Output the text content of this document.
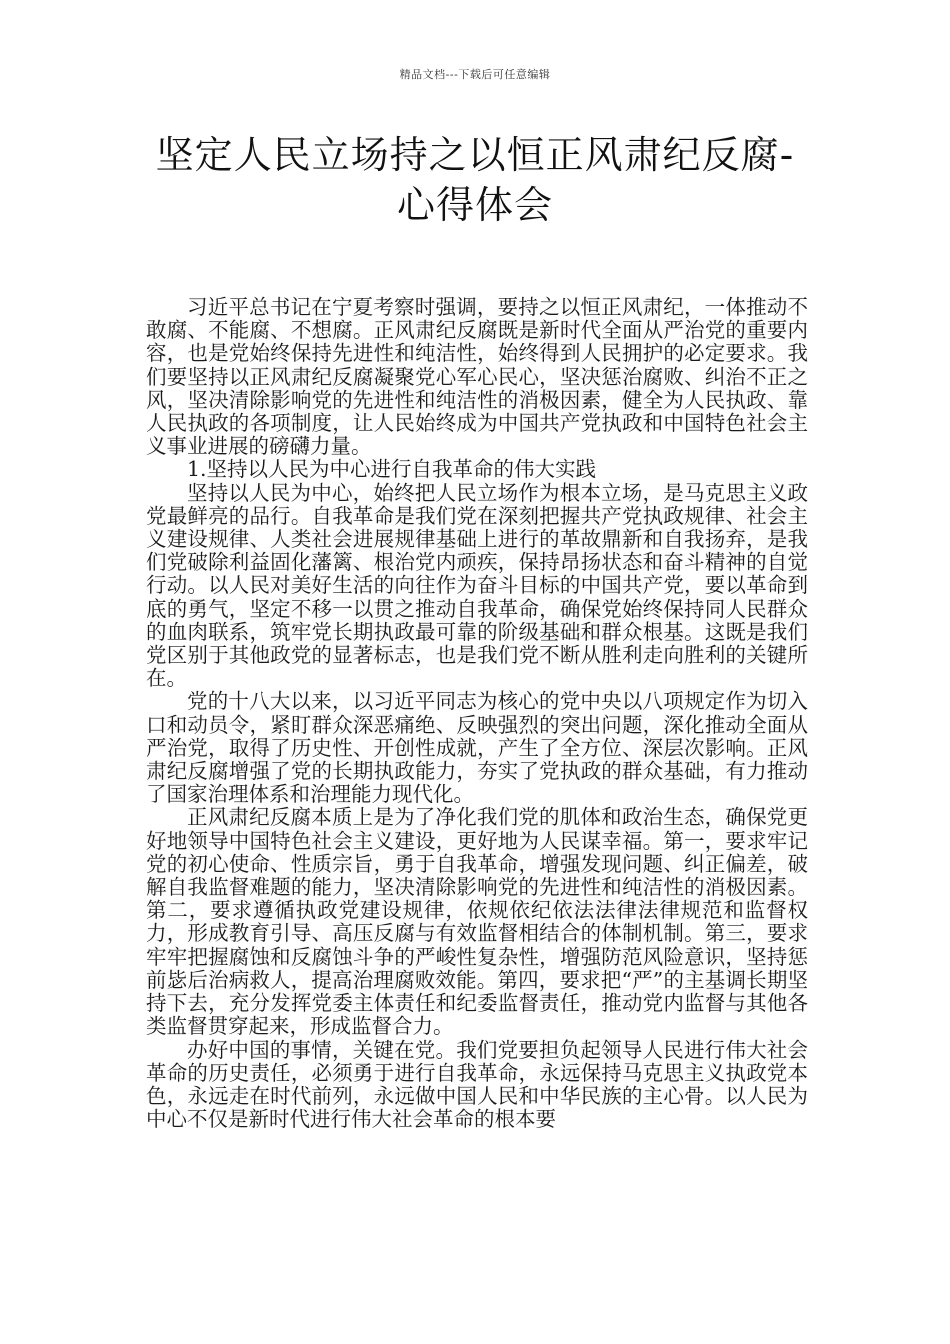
精品文档---下载后可任意编辑
坚定人民立场持之以恒正风肃纪反腐-心得体会

习近平总书记在宁夏考察时强调，要持之以恒正风肃纪，一体推动不敢腐、不能腐、不想腐。正风肃纪反腐既是新时代全面从严治党的重要内容，也是党始终保持先进性和纯洁性，始终得到人民拥护的必定要求。我们要坚持以正风肃纪反腐凝聚党心军心民心，坚决惩治腐败、纠治不正之风，坚决清除影响党的先进性和纯洁性的消极因素，健全为人民执政、靠人民执政的各项制度，让人民始终成为中国共产党执政和中国特色社会主义事业进展的磅礴力量。

1.坚持以人民为中心进行自我革命的伟大实践

坚持以人民为中心，始终把人民立场作为根本立场，是马克思主义政党最鲜亮的品行。自我革命是我们党在深刻把握共产党执政规律、社会主义建设规律、人类社会进展规律基础上进行的革故鼎新和自我扬弃，是我们党破除利益固化藩篱、根治党内顽疾，保持昂扬状态和奋斗精神的自觉行动。以人民对美好生活的向往作为奋斗目标的中国共产党，要以革命到底的勇气，坚定不移一以贯之推动自我革命，确保党始终保持同人民群众的血肉联系，筑牢党长期执政最可靠的阶级基础和群众根基。这既是我们党区别于其他政党的显著标志，也是我们党不断从胜利走向胜利的关键所在。

党的十八大以来，以习近平同志为核心的党中央以八项规定作为切入口和动员令，紧盯群众深恶痛绝、反映强烈的突出问题，深化推动全面从严治党，取得了历史性、开创性成就，产生了全方位、深层次影响。正风肃纪反腐增强了党的长期执政能力，夯实了党执政的群众基础，有力推动了国家治理体系和治理能力现代化。

正风肃纪反腐本质上是为了净化我们党的肌体和政治生态，确保党更好地领导中国特色社会主义建设，更好地为人民谋幸福。第一，要求牢记党的初心使命、性质宗旨，勇于自我革命，增强发现问题、纠正偏差，破解自我监督难题的能力，坚决清除影响党的先进性和纯洁性的消极因素。第二，要求遵循执政党建设规律，依规依纪依法法律法律规范和监督权力，形成教育引导、高压反腐与有效监督相结合的体制机制。第三，要求牢牢把握腐蚀和反腐蚀斗争的严峻性复杂性，增强防范风险意识，坚持惩前毖后治病救人，提高治理腐败效能。第四，要求把“严”的主基调长期坚持下去，充分发挥党委主体责任和纪委监督责任，推动党内监督与其他各类监督贯穿起来，形成监督合力。

办好中国的事情，关键在党。我们党要担负起领导人民进行伟大社会革命的历史责任，必须勇于进行自我革命，永远保持马克思主义执政党本色，永远走在时代前列，永远做中国人民和中华民族的主心骨。以人民为中心不仅是新时代进行伟大社会革命的根本要
